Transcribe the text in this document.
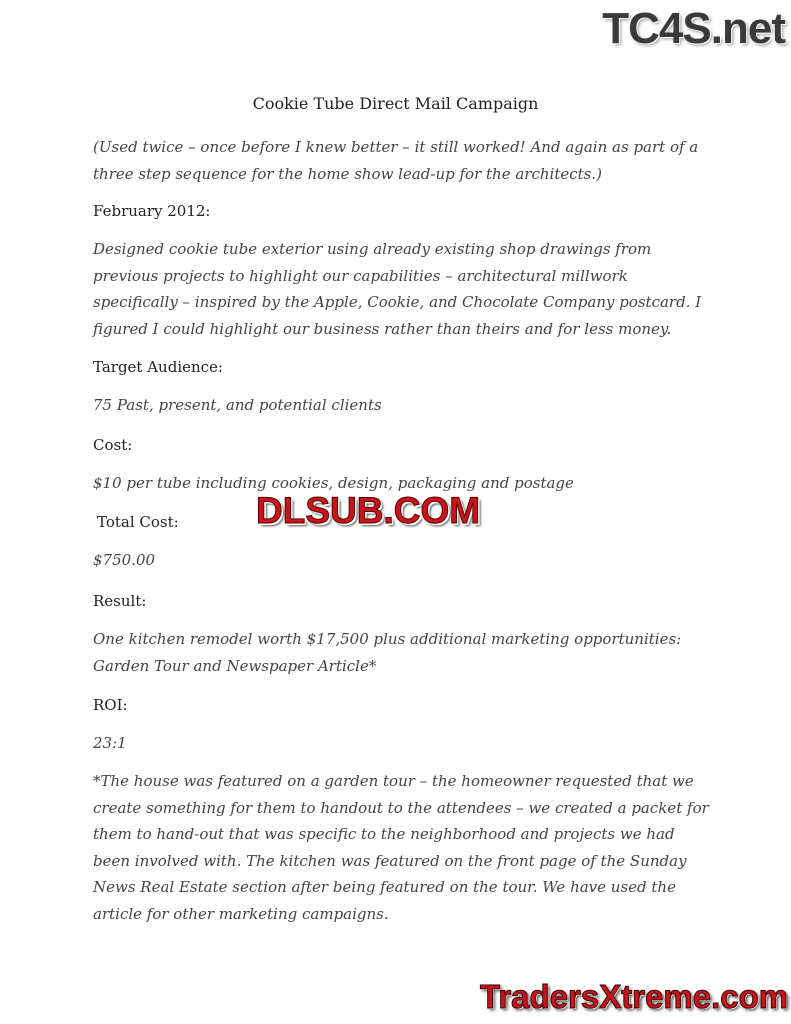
TC4S.net
Cookie Tube Direct Mail Campaign

(Used twice – once before I knew better – it still worked! And again as part of a three step sequence for the home show lead-up for the architects.)

February 2012:

Designed cookie tube exterior using already existing shop drawings from previous projects to highlight our capabilities – architectural millwork specifically – inspired by the Apple, Cookie, and Chocolate Company postcard. I figured I could highlight our business rather than theirs and for less money.

Target Audience:

75 Past, present, and potential clients

Cost:

$10 per tube including cookies, design, packaging and postage

Total Cost:

$750.00

Result:

One kitchen remodel worth $17,500 plus additional marketing opportunities: Garden Tour and Newspaper Article*

ROI:

23:1

*The house was featured on a garden tour – the homeowner requested that we create something for them to handout to the attendees – we created a packet for them to hand-out that was specific to the neighborhood and projects we had been involved with. The kitchen was featured on the front page of the Sunday News Real Estate section after being featured on the tour. We have used the article for other marketing campaigns.

DLSUB.COM
TradersXtreme.com
